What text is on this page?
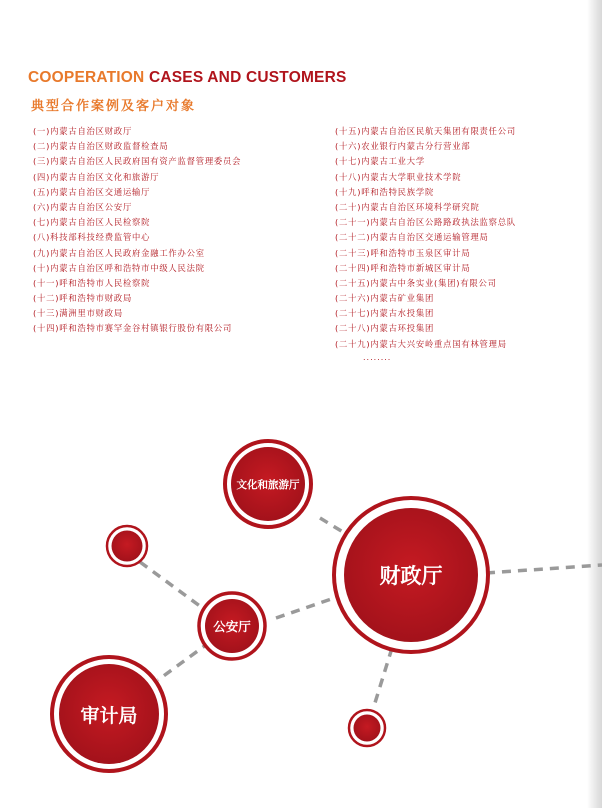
COOPERATION CASES AND CUSTOMERS
典型合作案例及客户对象
(一)内蒙古自治区财政厅
(二)内蒙古自治区财政监督检查局
(三)内蒙古自治区人民政府国有资产监督管理委员会
(四)内蒙古自治区文化和旅游厅
(五)内蒙古自治区交通运输厅
(六)内蒙古自治区公安厅
(七)内蒙古自治区人民检察院
(八)科技部科技经费监管中心
(九)内蒙古自治区人民政府金融工作办公室
(十)内蒙古自治区呼和浩特市中级人民法院
(十一)呼和浩特市人民检察院
(十二)呼和浩特市财政局
(十三)满洲里市财政局
(十四)呼和浩特市赛罕金谷村镇银行股份有限公司
(十五)内蒙古自治区民航天集团有限责任公司
(十六)农业银行内蒙古分行营业部
(十七)内蒙古工业大学
(十八)内蒙古大学职业技术学院
(十九)呼和浩特民族学院
(二十)内蒙古自治区环境科学研究院
(二十一)内蒙古自治区公路路政执法监察总队
(二十二)内蒙古自治区交通运输管理局
(二十三)呼和浩特市玉泉区审计局
(二十四)呼和浩特市新城区审计局
(二十五)内蒙古中条实业(集团)有限公司
(二十六)内蒙古矿业集团
(二十七)内蒙古水投集团
(二十八)内蒙古环投集团
(二十九)内蒙古大兴安岭重点国有林管理局
........
文化和旅游厅
财政厅
公安厅
审计局
